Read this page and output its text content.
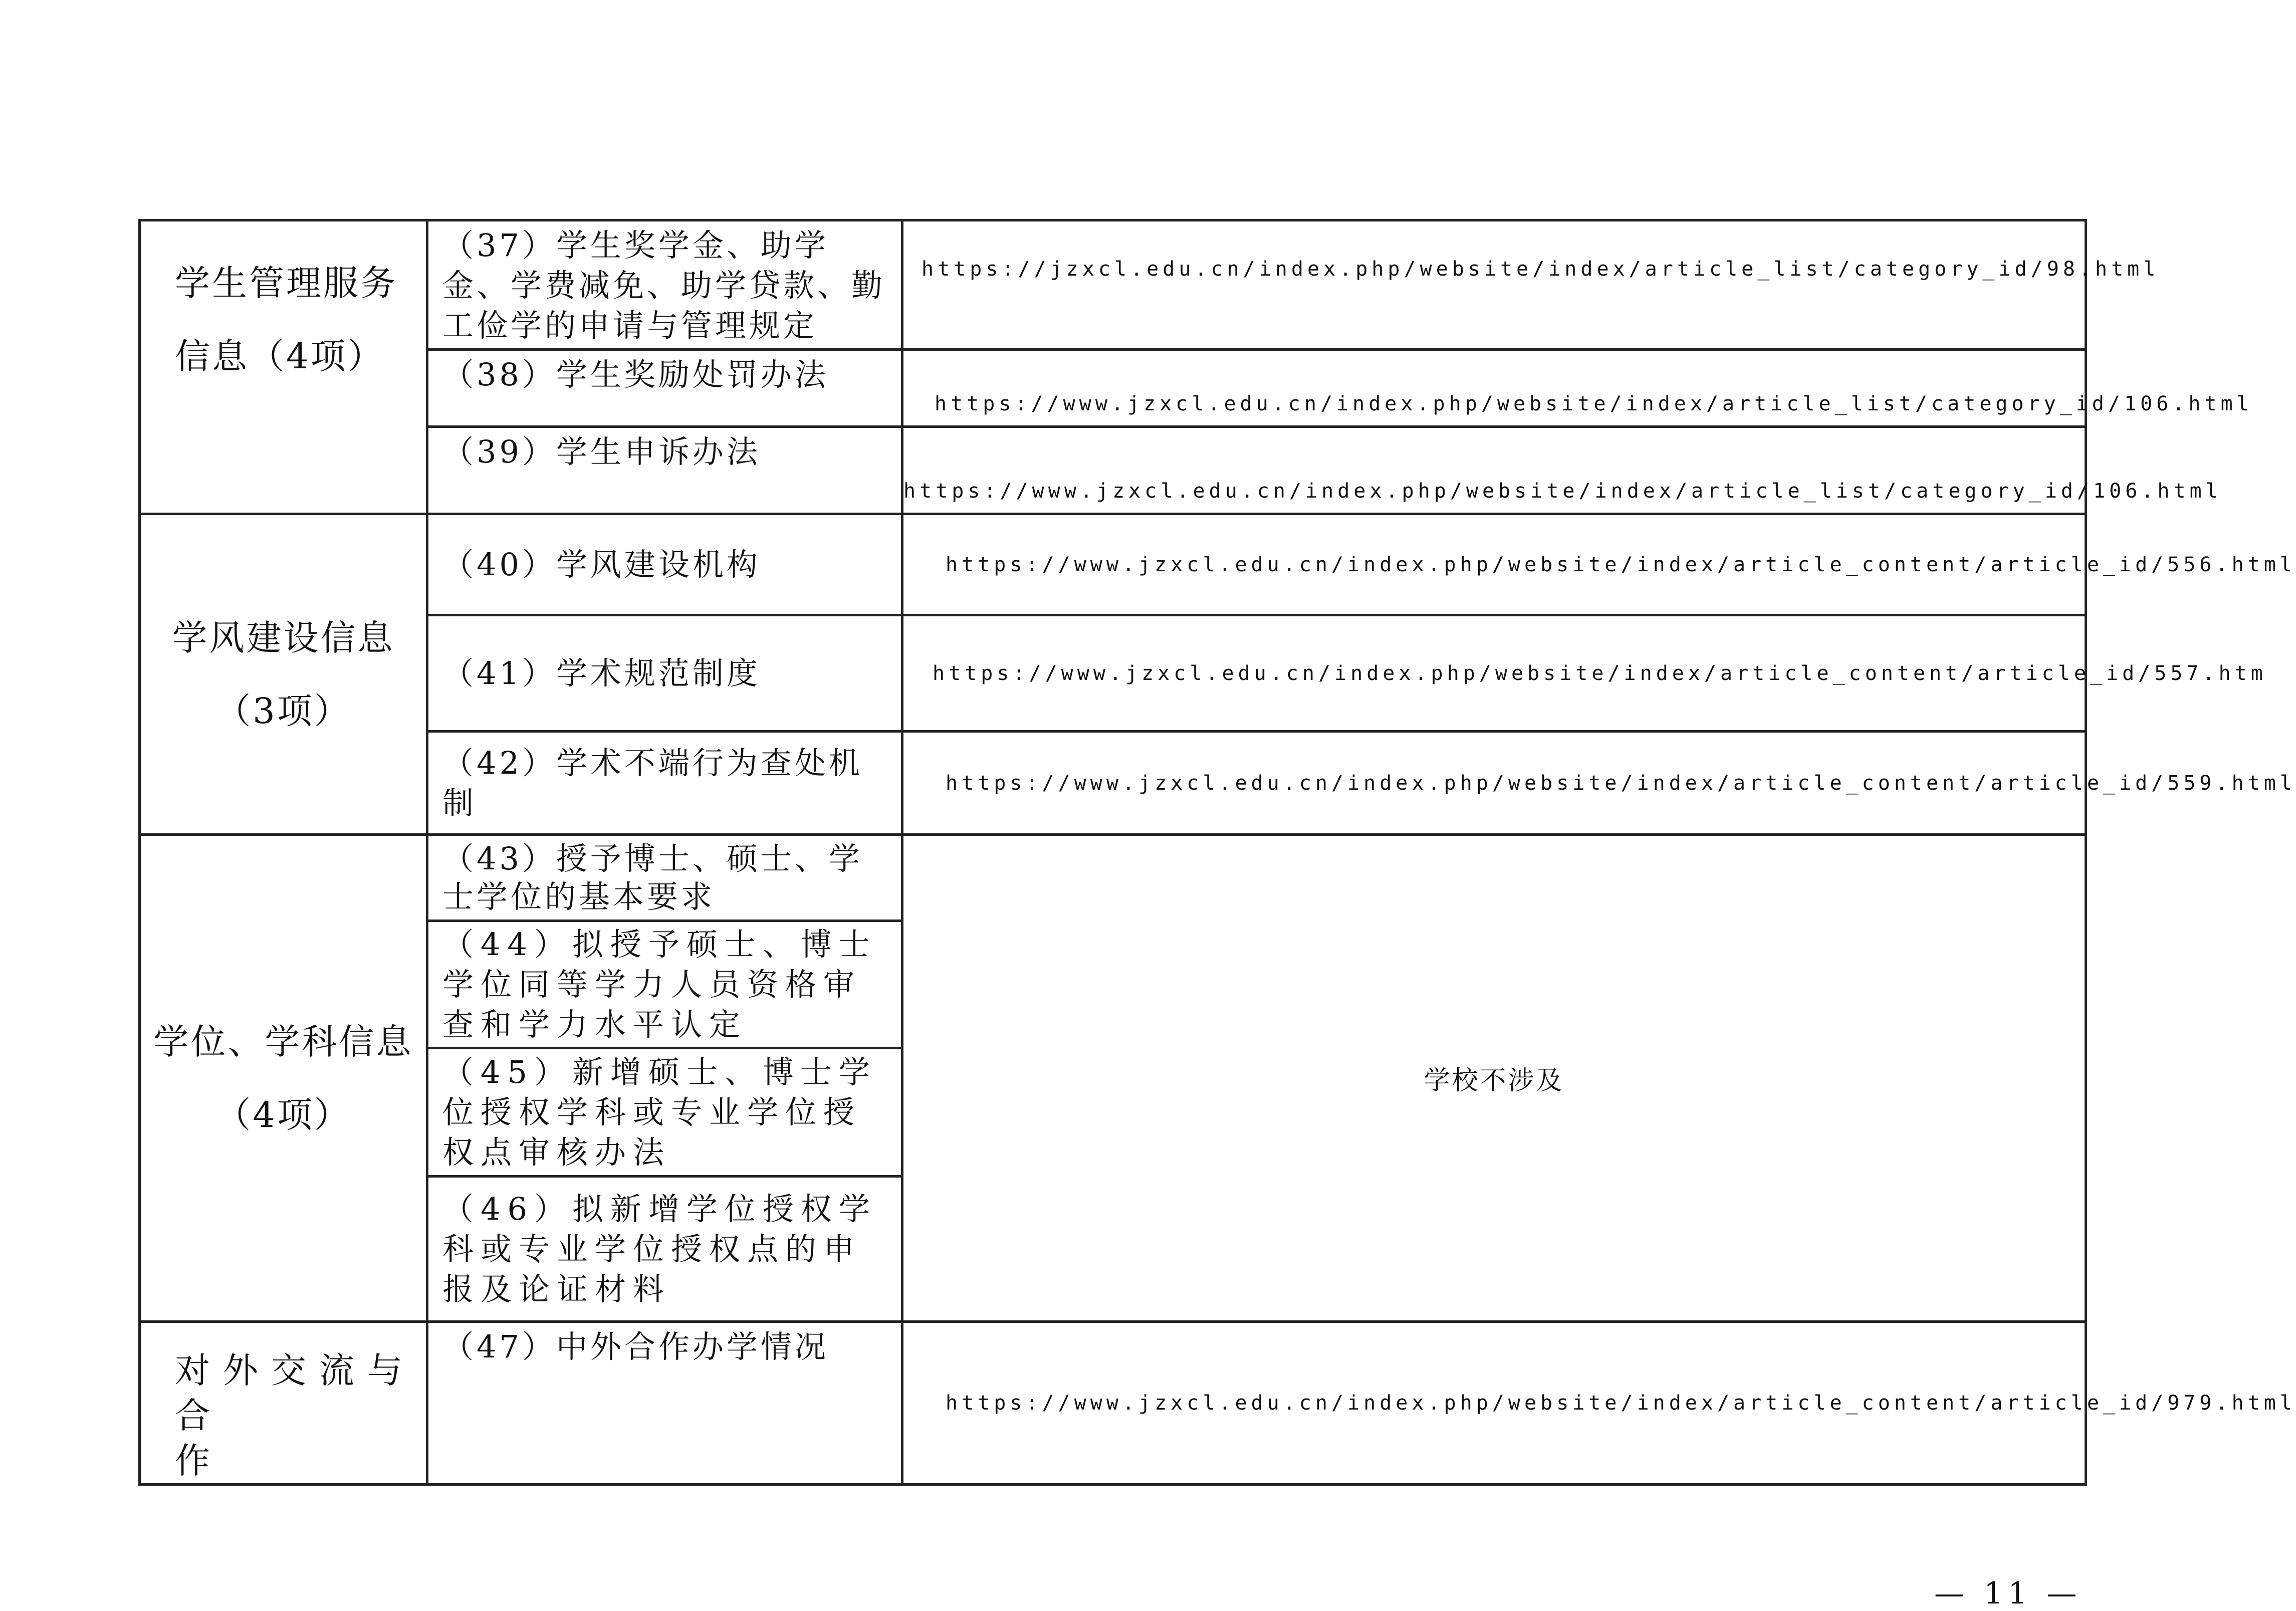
学生管理服务
信息（4项）	（37）学生奖学金、助学金、学费减免、助学贷款、勤工俭学的申请与管理规定	https://jzxcl.edu.cn/index.php/website/index/article_list/category_id/98.html
	（38）学生奖励处罚办法	https://www.jzxcl.edu.cn/index.php/website/index/article_list/category_id/106.html
	（39）学生申诉办法	https://www.jzxcl.edu.cn/index.php/website/index/article_list/category_id/106.html

学风建设信息
（3项）	（40）学风建设机构	https://www.jzxcl.edu.cn/index.php/website/index/article_content/article_id/556.html
	（41）学术规范制度	https://www.jzxcl.edu.cn/index.php/website/index/article_content/article_id/557.htm
	（42）学术不端行为查处机制	https://www.jzxcl.edu.cn/index.php/website/index/article_content/article_id/559.html

学位、学科信息
（4项）	（43）授予博士、硕士、学士学位的基本要求	学校不涉及
	（44）拟授予硕士、博士学位同等学力人员资格审查和学力水平认定	
	（45）新增硕士、博士学位授权学科或专业学位授权点审核办法	
	（46）拟新增学位授权学科或专业学位授权点的申报及论证材料	

对外交流与合
作	（47）中外合作办学情况	https://www.jzxcl.edu.cn/index.php/website/index/article_content/article_id/979.html
— 11 —
